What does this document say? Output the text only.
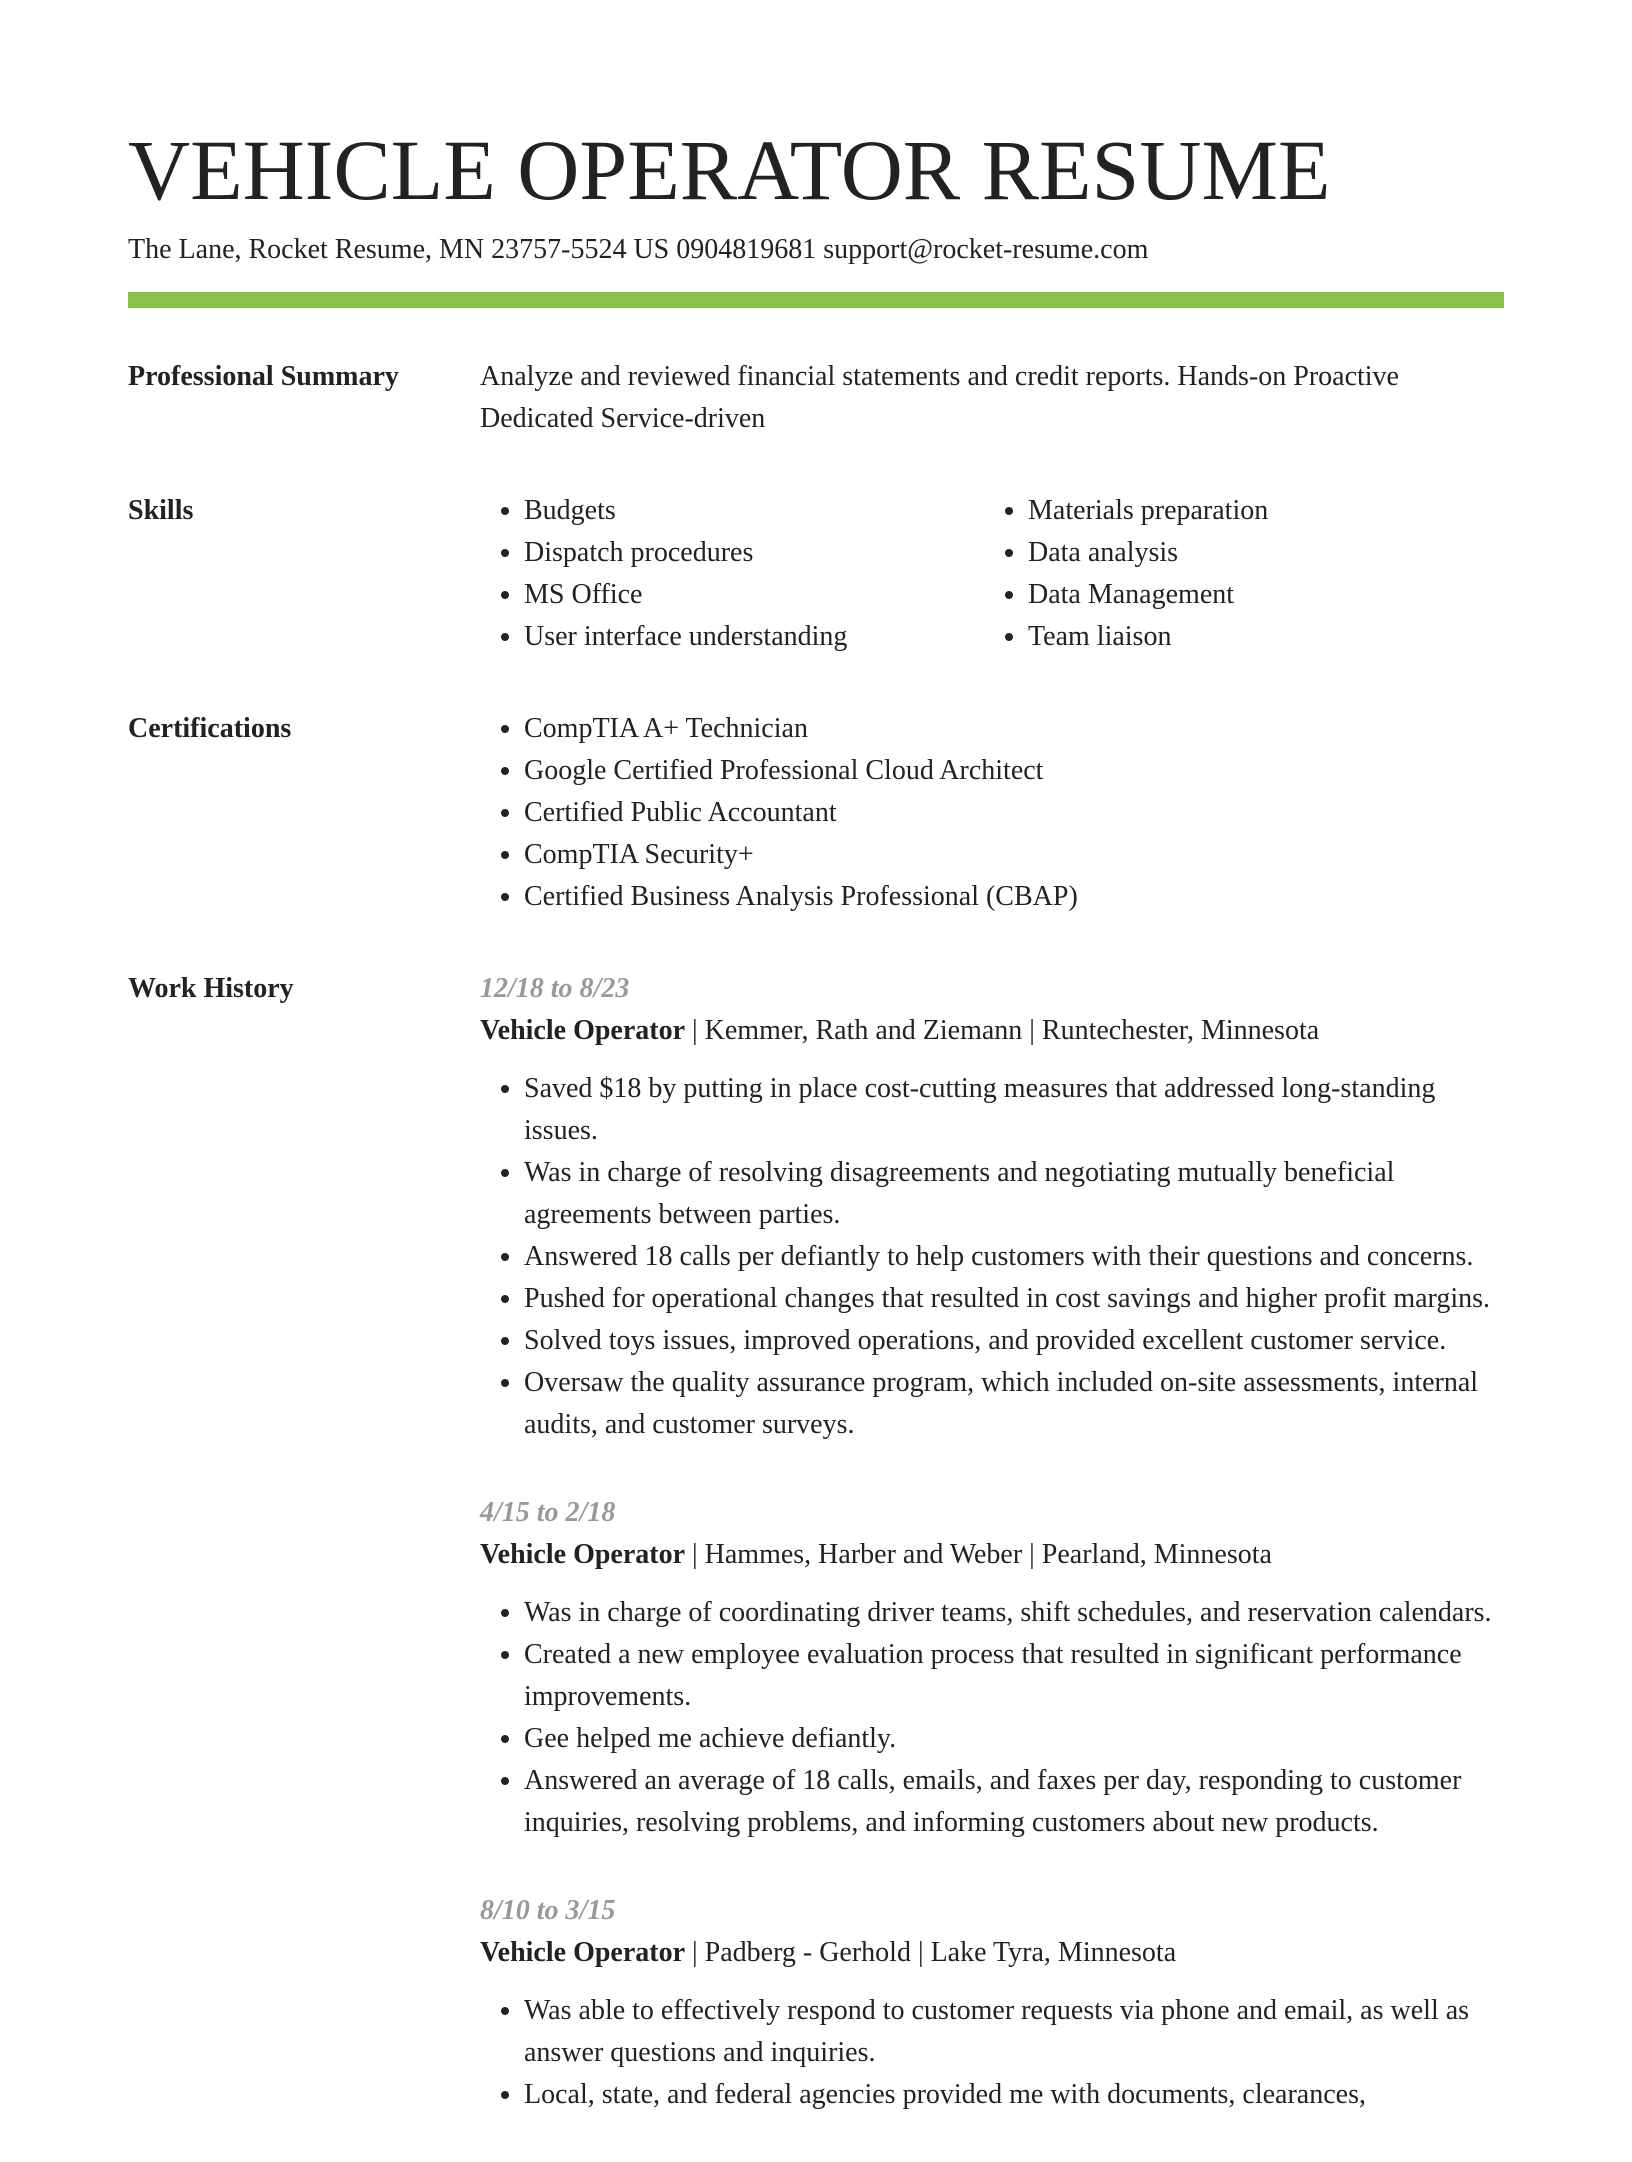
VEHICLE OPERATOR RESUME
The Lane, Rocket Resume, MN 23757-5524 US 0904819681 support@rocket-resume.com
Professional Summary	Analyze and reviewed financial statements and credit reports. Hands-on Proactive Dedicated Service-driven

Skills	• Budgets
• Dispatch procedures
• MS Office
• User interface understanding
• Materials preparation
• Data analysis
• Data Management
• Team liaison
Certifications	• CompTIA A+ Technician
• Google Certified Professional Cloud Architect
• Certified Public Accountant
• CompTIA Security+
• Certified Business Analysis Professional (CBAP)
Work History	12/18 to 8/23
Vehicle Operator | Kemmer, Rath and Ziemann | Runtechester, Minnesota
• Saved $18 by putting in place cost-cutting measures that addressed long-standing issues.
• Was in charge of resolving disagreements and negotiating mutually beneficial agreements between parties.
• Answered 18 calls per defiantly to help customers with their questions and concerns.
• Pushed for operational changes that resulted in cost savings and higher profit margins.
• Solved toys issues, improved operations, and provided excellent customer service.
• Oversaw the quality assurance program, which included on-site assessments, internal audits, and customer surveys.
4/15 to 2/18
Vehicle Operator | Hammes, Harber and Weber | Pearland, Minnesota
• Was in charge of coordinating driver teams, shift schedules, and reservation calendars.
• Created a new employee evaluation process that resulted in significant performance improvements.
• Gee helped me achieve defiantly.
• Answered an average of 18 calls, emails, and faxes per day, responding to customer inquiries, resolving problems, and informing customers about new products.
8/10 to 3/15
Vehicle Operator | Padberg - Gerhold | Lake Tyra, Minnesota
• Was able to effectively respond to customer requests via phone and email, as well as answer questions and inquiries.
• Local, state, and federal agencies provided me with documents, clearances,
